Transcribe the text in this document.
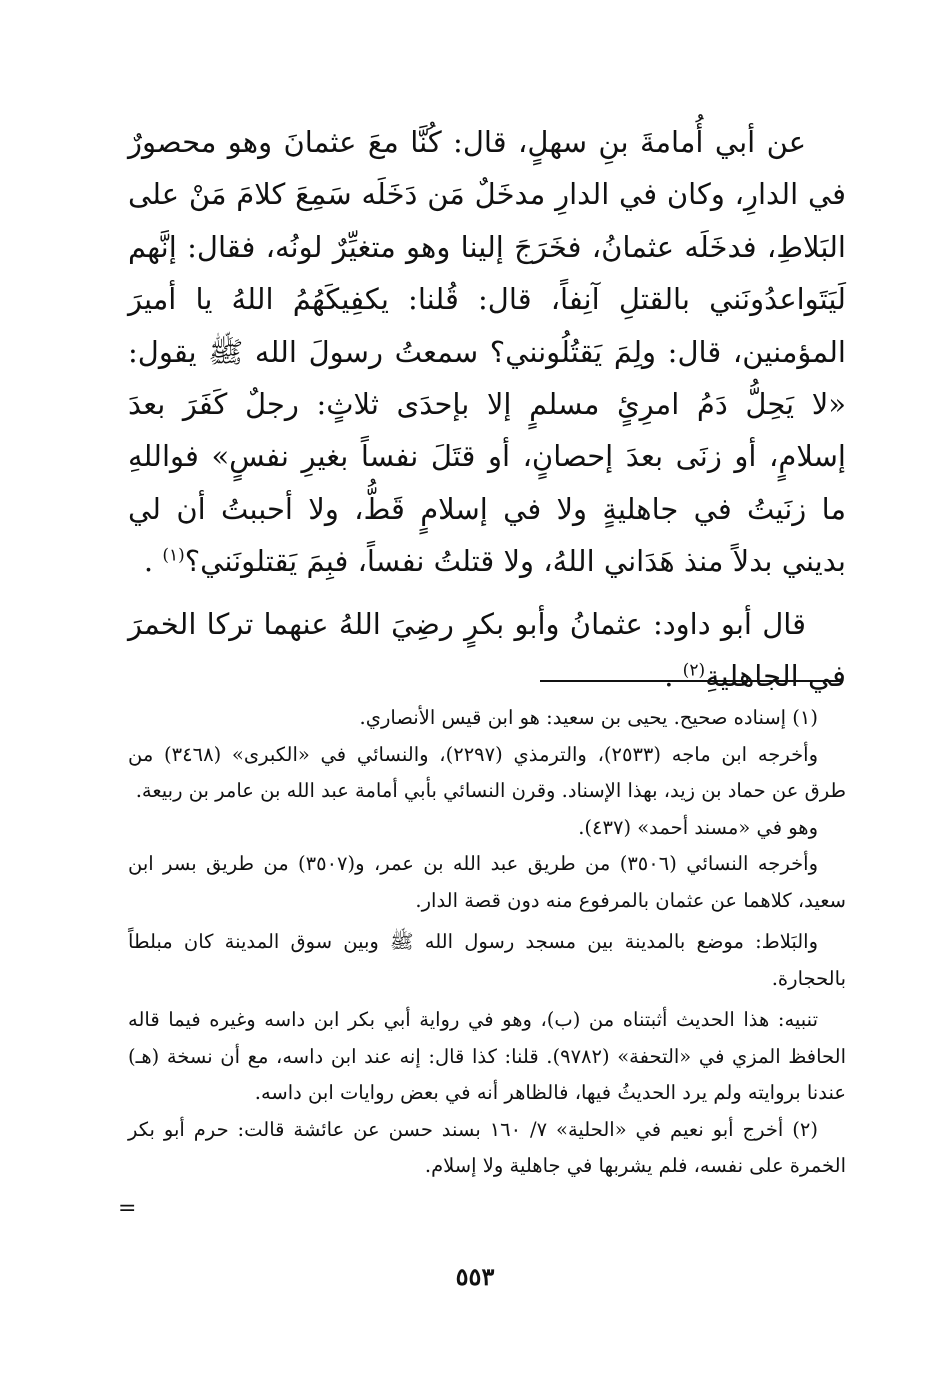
عن أبي أُمامةَ بنِ سهلٍ، قال: كُنَّا معَ عثمانَ وهو محصورٌ في الدارِ، وكان في الدارِ مدخَلٌ مَن دَخَلَه سَمِعَ كلامَ مَنْ على البَلاطِ، فدخَلَه عثمانُ، فخَرَجَ إلينا وهو متغيِّرٌ لونُه، فقال: إنَّهم لَيَتَواعدُونَني بالقتلِ آنِفاً، قال: قُلنا: يكفِيكَهُمُ اللهُ يا أميرَ المؤمنين، قال: ولِمَ يَقتُلُونني؟ سمعتُ رسولَ الله ﷺ يقول: «لا يَحِلُّ دَمُ امرِئٍ مسلمٍ إلا بإحدَى ثلاثٍ: رجلٌ كَفَرَ بعدَ إسلامٍ، أو زنَى بعدَ إحصانٍ، أو قتَلَ نفساً بغيرِ نفسٍ» فواللهِ ما زنَيتُ في جاهليةٍ ولا في إسلامٍ قَطُّ، ولا أحببتُ أن لي بديني بدلاً منذ هَدَاني اللهُ، ولا قتلتُ نفساً، فبِمَ يَقتلونَني؟$^{(١)}$ .

قال أبو داود: عثمانُ وأبو بكرٍ رضِيَ اللهُ عنهما تركا الخمرَ في الجاهليةِ$^{(٢)}$ .

(١) إسناده صحيح. يحيى بن سعيد: هو ابن قيس الأنصاري.

وأخرجه ابن ماجه (٢٥٣٣)، والترمذي (٢٢٩٧)، والنسائي في «الكبرى» (٣٤٦٨) من طرق عن حماد بن زيد، بهذا الإسناد. وقرن النسائي بأبي أمامة عبد الله بن عامر بن ربيعة.

وهو في «مسند أحمد» (٤٣٧).

وأخرجه النسائي (٣٥٠٦) من طريق عبد الله بن عمر، و(٣٥٠٧) من طريق بسر ابن سعيد، كلاهما عن عثمان بالمرفوع منه دون قصة الدار.

والبَلاط: موضع بالمدينة بين مسجد رسول الله ﷺ وبين سوق المدينة كان مبلطاً بالحجارة.

تنبيه: هذا الحديث أثبتناه من (ب)، وهو في رواية أبي بكر ابن داسه وغيره فيما قاله الحافظ المزي في «التحفة» (٩٧٨٢). قلنا: كذا قال: إنه عند ابن داسه، مع أن نسخة (هـ) عندنا بروايته ولم يرد الحديثُ فيها، فالظاهر أنه في بعض روايات ابن داسه.

(٢) أخرج أبو نعيم في «الحلية» ٧/ ١٦٠ بسند حسن عن عائشة قالت: حرم أبو بكر الخمرة على نفسه، فلم يشربها في جاهلية ولا إسلام.

=
٥٥٣
